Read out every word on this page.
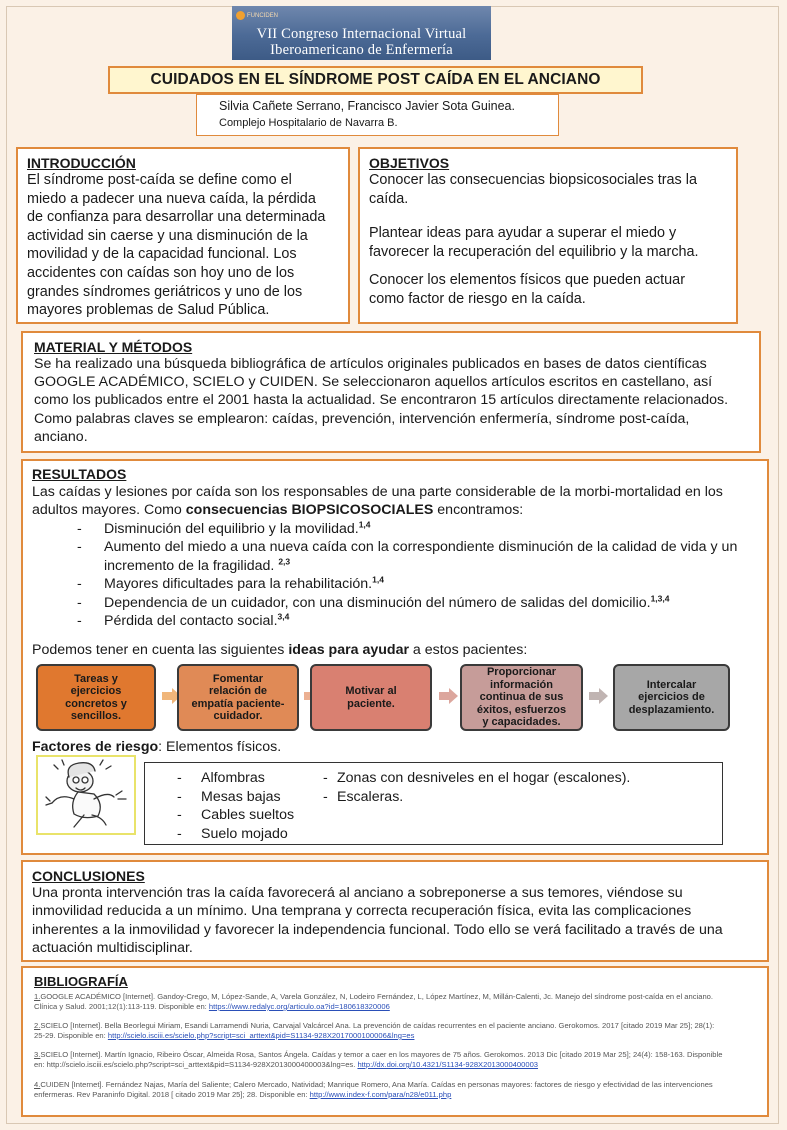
FUNCIDEN
VII Congreso Internacional Virtual
Iberoamericano de Enfermería
CUIDADOS EN EL SÍNDROME POST CAÍDA EN EL ANCIANO
Silvia Cañete Serrano, Francisco Javier Sota Guinea.
Complejo Hospitalario de Navarra B.
INTRODUCCIÓN
El síndrome post-caída se define como el
miedo a padecer una nueva caída, la pérdida
de confianza para desarrollar una determinada
actividad sin caerse y una disminución de la
movilidad y de la capacidad funcional. Los
accidentes con caídas son hoy uno de los
grandes síndromes geriátricos y uno de los
mayores problemas de Salud Pública.
OBJETIVOS
Conocer las consecuencias biopsicosociales tras la
caída.
Plantear ideas para ayudar a superar el miedo y
favorecer la recuperación del equilibrio y la marcha.
Conocer los elementos físicos que pueden actuar
como factor de riesgo en la caída.
MATERIAL Y MÉTODOS
Se ha realizado una búsqueda bibliográfica de artículos originales publicados en bases de datos científicas
GOOGLE ACADÉMICO, SCIELO y CUIDEN. Se seleccionaron aquellos artículos escritos en castellano, así
como los publicados entre el 2001 hasta la actualidad. Se encontraron 15 artículos directamente relacionados.
Como palabras claves se emplearon: caídas, prevención, intervención enfermería, síndrome post-caída,
anciano.
RESULTADOS
Las caídas y lesiones por caída son los responsables de una parte considerable de la morbi-mortalidad en los
adultos mayores. Como consecuencias BIOPSICOSOCIALES encontramos:
- Disminución del equilibrio y la movilidad.$^{1,4}$
- Aumento del miedo a una nueva caída con la correspondiente disminución de la calidad de vida y un
incremento de la fragilidad. $^{2,3}$
- Mayores dificultades para la rehabilitación.$^{1,4}$
- Dependencia de un cuidador, con una disminución del número de salidas del domicilio.$^{1,3,4}$
- Pérdida del contacto social.$^{3,4}$
Podemos tener en cuenta las siguientes ideas para ayudar a estos pacientes:
Tareas y
ejercicios
concretos y
sencillos.
Fomentar
relación de
empatía paciente-
cuidador.
Motivar al
paciente.
Proporcionar
información
continua de sus
éxitos, esfuerzos
y capacidades.
Intercalar
ejercicios de
desplazamiento.
Factores de riesgo: Elementos físicos.
- Alfombras
- Mesas bajas
- Cables sueltos
- Suelo mojado
- Zonas con desniveles en el hogar (escalones).
- Escaleras.
CONCLUSIONES
Una pronta intervención tras la caída favorecerá al anciano a sobreponerse a sus temores, viéndose su
inmovilidad reducida a un mínimo. Una temprana y correcta recuperación física, evita las complicaciones
inherentes a la inmovilidad y favorecer la independencia funcional. Todo ello se verá facilitado a través de una
actuación multidisciplinar.
BIBLIOGRAFÍA
1.GOOGLE ACADÉMICO [Internet]. Gandoy-Crego, M, López-Sande, A, Varela González, N, Lodeiro Fernández, L, López Martínez, M, Millán-Calenti, Jc. Manejo del síndrome post-caída en el anciano.
Clínica y Salud. 2001;12(1):113-119. Disponible en: https://www.redalyc.org/articulo.oa?id=180618320006
2.SCIELO [Internet]. Bella Beorlegui Miriam, Esandi Larramendi Nuria, Carvajal Valcárcel Ana. La prevención de caídas recurrentes en el paciente anciano. Gerokomos. 2017 [citado 2019 Mar 25]; 28(1):
25-29. Disponible en: http://scielo.isciii.es/scielo.php?script=sci_arttext&pid=S1134-928X2017000100006&lng=es
3.SCIELO [Internet]. Martín Ignacio, Ribeiro Óscar, Almeida Rosa, Santos Ángela. Caídas y temor a caer en los mayores de 75 años. Gerokomos. 2013 Dic [citado 2019 Mar 25]; 24(4): 158-163. Disponible
en: http://scielo.isciii.es/scielo.php?script=sci_arttext&pid=S1134-928X2013000400003&lng=es. http://dx.doi.org/10.4321/S1134-928X2013000400003
4.CUIDEN [Internet]. Fernández Najas, María del Saliente; Calero Mercado, Natividad; Manrique Romero, Ana María. Caídas en personas mayores: factores de riesgo y efectividad de las intervenciones
enfermeras. Rev Paraninfo Digital. 2018 [ citado 2019 Mar 25]; 28. Disponible en: http://www.index-f.com/para/n28/e011.php
